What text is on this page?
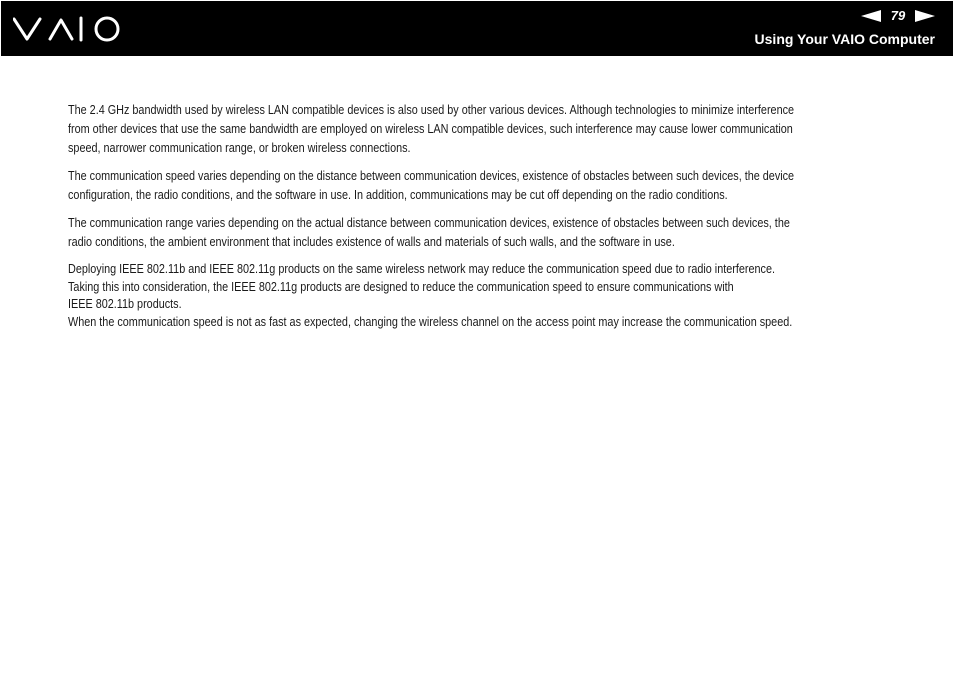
79
Using Your VAIO Computer

The 2.4 GHz bandwidth used by wireless LAN compatible devices is also used by other various devices. Although technologies to minimize interference
from other devices that use the same bandwidth are employed on wireless LAN compatible devices, such interference may cause lower communication
speed, narrower communication range, or broken wireless connections.

The communication speed varies depending on the distance between communication devices, existence of obstacles between such devices, the device
configuration, the radio conditions, and the software in use. In addition, communications may be cut off depending on the radio conditions.

The communication range varies depending on the actual distance between communication devices, existence of obstacles between such devices, the
radio conditions, the ambient environment that includes existence of walls and materials of such walls, and the software in use.

Deploying IEEE 802.11b and IEEE 802.11g products on the same wireless network may reduce the communication speed due to radio interference.
Taking this into consideration, the IEEE 802.11g products are designed to reduce the communication speed to ensure communications with
IEEE 802.11b products.
When the communication speed is not as fast as expected, changing the wireless channel on the access point may increase the communication speed.
